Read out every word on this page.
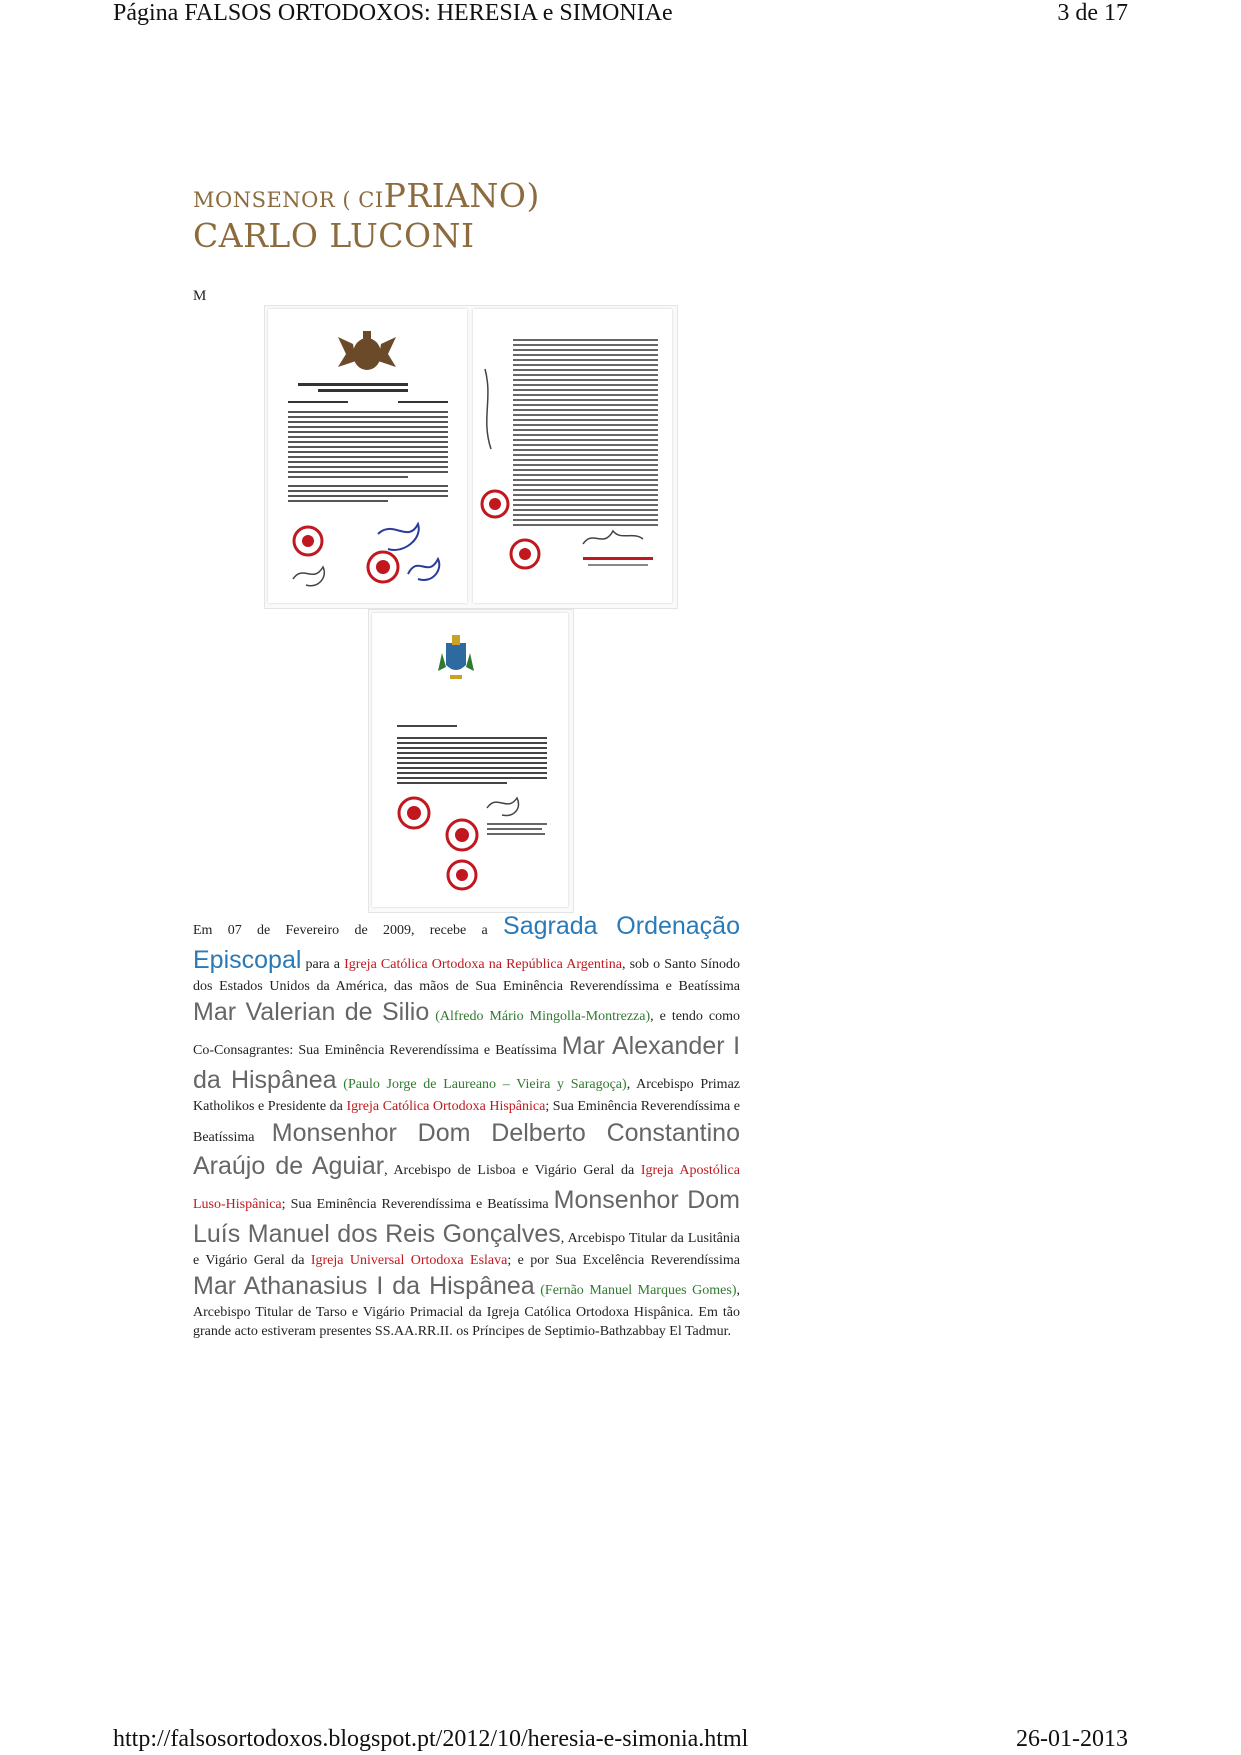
Página FALSOS ORTODOXOS: HERESIA e SIMONIAe	3 de 17
MONSENOR ( CIPRIANO)
CARLO LUCONI
M
Em 07 de Fevereiro de 2009, recebe a Sagrada Ordenação Episcopal para a Igreja Católica Ortodoxa na República Argentina, sob o Santo Sínodo dos Estados Unidos da América, das mãos de Sua Eminência Reverendíssima e Beatíssima Mar Valerian de Silio (Alfredo Mário Mingolla-Montrezza), e tendo como Co-Consagrantes: Sua Eminência Reverendíssima e Beatíssima Mar Alexander I da Hispânea (Paulo Jorge de Laureano – Vieira y Saragoça), Arcebispo Primaz Katholikos e Presidente da Igreja Católica Ortodoxa Hispânica; Sua Eminência Reverendíssima e Beatíssima Monsenhor Dom Delberto Constantino Araújo de Aguiar, Arcebispo de Lisboa e Vigário Geral da Igreja Apostólica Luso-Hispânica; Sua Eminência Reverendíssima e Beatíssima Monsenhor Dom Luís Manuel dos Reis Gonçalves, Arcebispo Titular da Lusitânia e Vigário Geral da Igreja Universal Ortodoxa Eslava; e por Sua Excelência Reverendíssima Mar Athanasius I da Hispânea (Fernão Manuel Marques Gomes), Arcebispo Titular de Tarso e Vigário Primacial da Igreja Católica Ortodoxa Hispânica. Em tão grande acto estiveram presentes SS.AA.RR.II. os Príncipes de Septimio-Bathzabbay El Tadmur.
http://falsosortodoxos.blogspot.pt/2012/10/heresia-e-simonia.html	26-01-2013
